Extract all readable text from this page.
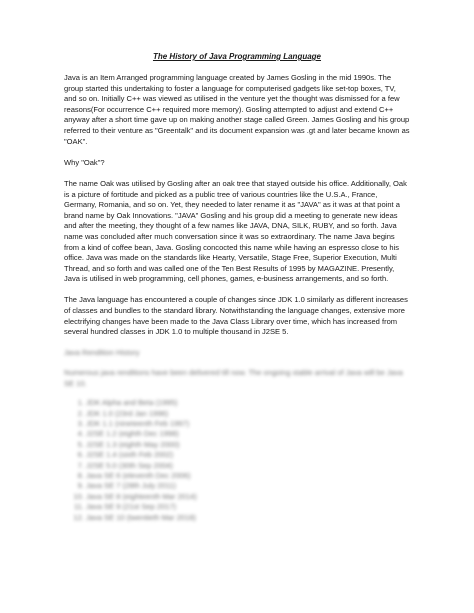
The History of Java Programming Language

Java is an Item Arranged programming language created by James Gosling in the mid 1990s. The group started this undertaking to foster a language for computerised gadgets like set-top boxes, TV, and so on. Initially C++ was viewed as utilised in the venture yet the thought was dismissed for a few reasons(For occurrence C++ required more memory). Gosling attempted to adjust and extend C++ anyway after a short time gave up on making another stage called Green. James Gosling and his group referred to their venture as "Greentalk" and its document expansion was .gt and later became known as "OAK".

Why "Oak"?

The name Oak was utilised by Gosling after an oak tree that stayed outside his office. Additionally, Oak is a picture of fortitude and picked as a public tree of various countries like the U.S.A., France, Germany, Romania, and so on. Yet, they needed to later rename it as "JAVA" as it was at that point a brand name by Oak Innovations. "JAVA" Gosling and his group did a meeting to generate new ideas and after the meeting, they thought of a few names like JAVA, DNA, SILK, RUBY, and so forth. Java name was concluded after much conversation since it was so extraordinary. The name Java begins from a kind of coffee bean, Java. Gosling concocted this name while having an espresso close to his office. Java was made on the standards like Hearty, Versatile, Stage Free, Superior Execution, Multi Thread, and so forth and was called one of the Ten Best Results of 1995 by MAGAZINE. Presently, Java is utilised in web programming, cell phones, games, e-business arrangements, and so forth.

The Java language has encountered a couple of changes since JDK 1.0 similarly as different increases of classes and bundles to the standard library. Notwithstanding the language changes, extensive more electrifying changes have been made to the Java Class Library over time, which has increased from several hundred classes in JDK 1.0 to multiple thousand in J2SE 5.

Java Rendition History

Numerous java renditions have been delivered till now. The ongoing stable arrival of Java will be Java SE 10.

1. JDK Alpha and Beta (1995)
2. JDK 1.0 (23rd Jan 1996)
3. JDK 1.1 (nineteenth Feb 1997)
4. J2SE 1.2 (eighth Dec 1998)
5. J2SE 1.3 (eighth May 2000)
6. J2SE 1.4 (sixth Feb 2002)
7. J2SE 5.0 (30th Sep 2004)
8. Java SE 6 (eleventh Dec 2006)
9. Java SE 7 (28th July 2011)
10. Java SE 8 (eighteenth Mar 2014)
11. Java SE 9 (21st Sep 2017)
12. Java SE 10 (twentieth Mar 2018)
